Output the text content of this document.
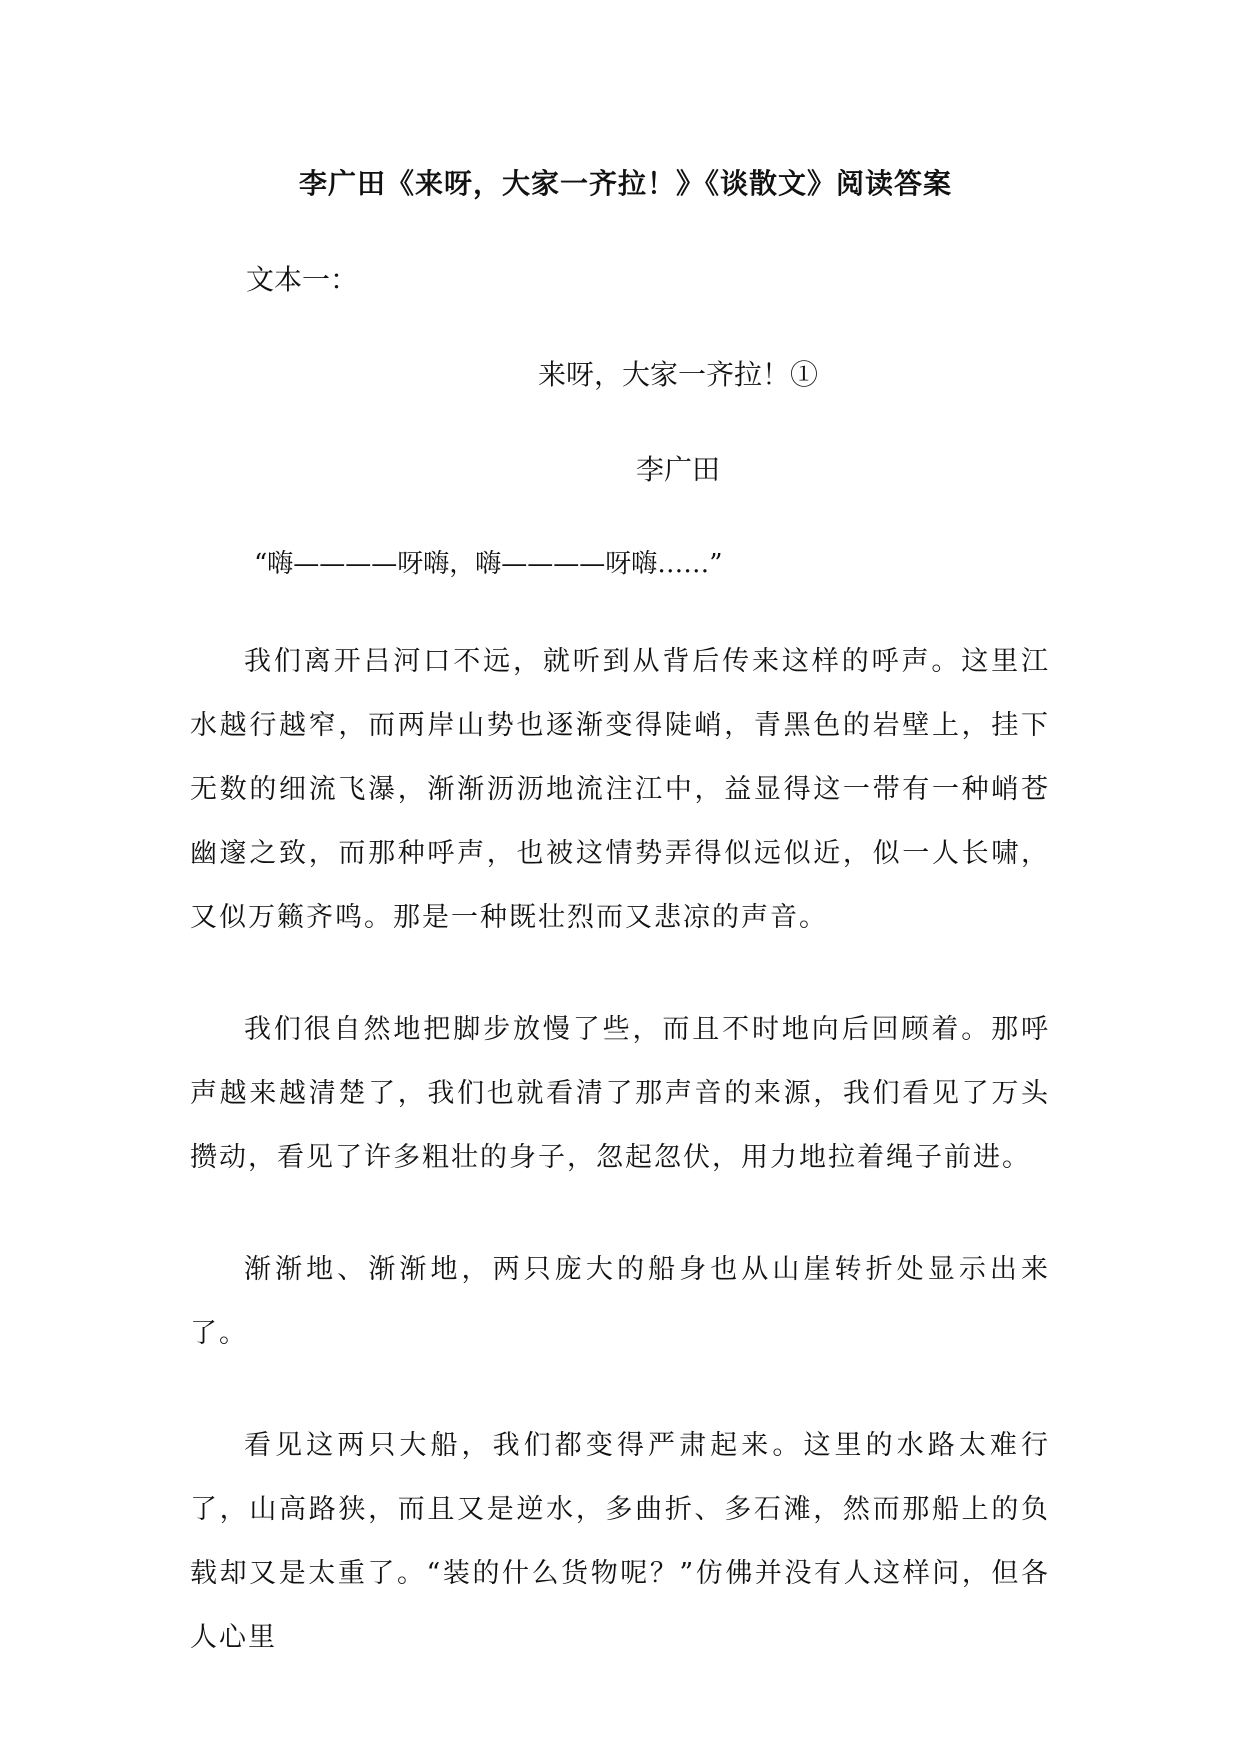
李广田《来呀，大家一齐拉！》《谈散文》阅读答案

文本一：

来呀，大家一齐拉！①

李广田

“嗨————呀嗨，嗨————呀嗨……”

我们离开吕河口不远，就听到从背后传来这样的呼声。这里江水越行越窄，而两岸山势也逐渐变得陡峭，青黑色的岩壁上，挂下无数的细流飞瀑，渐渐沥沥地流注江中，益显得这一带有一种峭苍幽邃之致，而那种呼声，也被这情势弄得似远似近，似一人长啸，又似万籁齐鸣。那是一种既壮烈而又悲凉的声音。

我们很自然地把脚步放慢了些，而且不时地向后回顾着。那呼声越来越清楚了，我们也就看清了那声音的来源，我们看见了万头攒动，看见了许多粗壮的身子，忽起忽伏，用力地拉着绳子前进。

渐渐地、渐渐地，两只庞大的船身也从山崖转折处显示出来了。

看见这两只大船，我们都变得严肃起来。这里的水路太难行了，山高路狭，而且又是逆水，多曲折、多石滩，然而那船上的负载却又是太重了。“装的什么货物呢？”仿佛并没有人这样问，但各人心里
